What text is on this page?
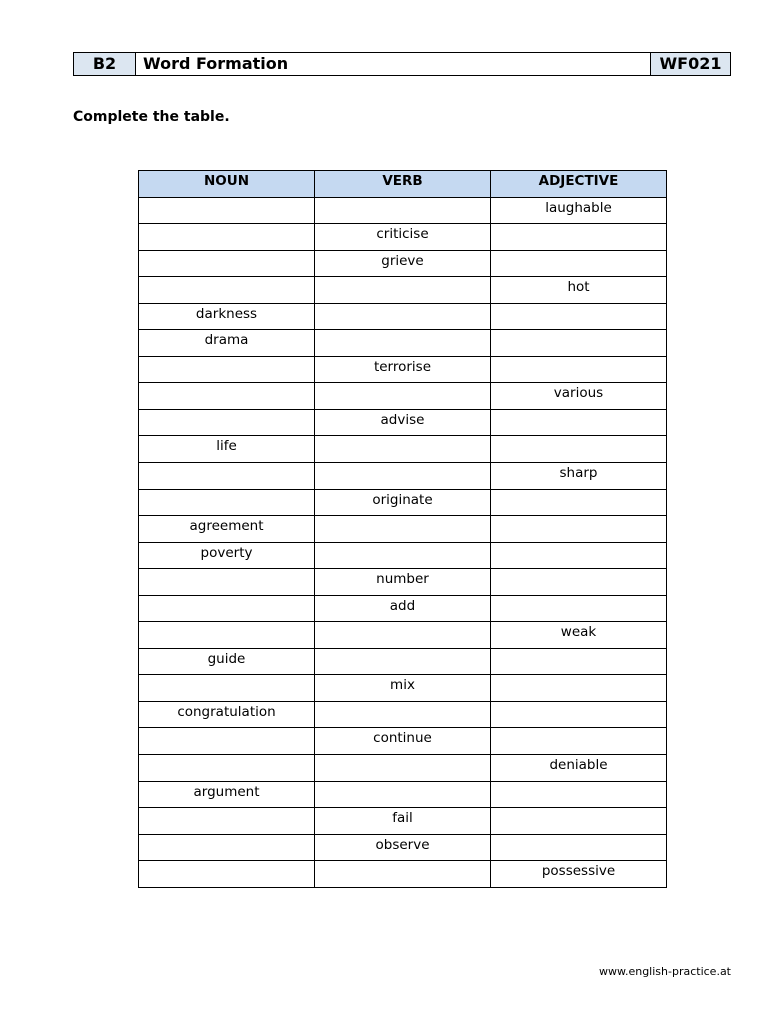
B2	Word Formation	WF021
Complete the table.
NOUN	VERB	ADJECTIVE
		laughable
	criticise	
	grieve	
		hot
darkness		
drama		
	terrorise	
		various
	advise	
life		
		sharp
	originate	
agreement		
poverty		
	number	
	add	
		weak
guide		
	mix	
congratulation		
	continue	
		deniable
argument		
	fail	
	observe	
		possessive
www.english-practice.at
